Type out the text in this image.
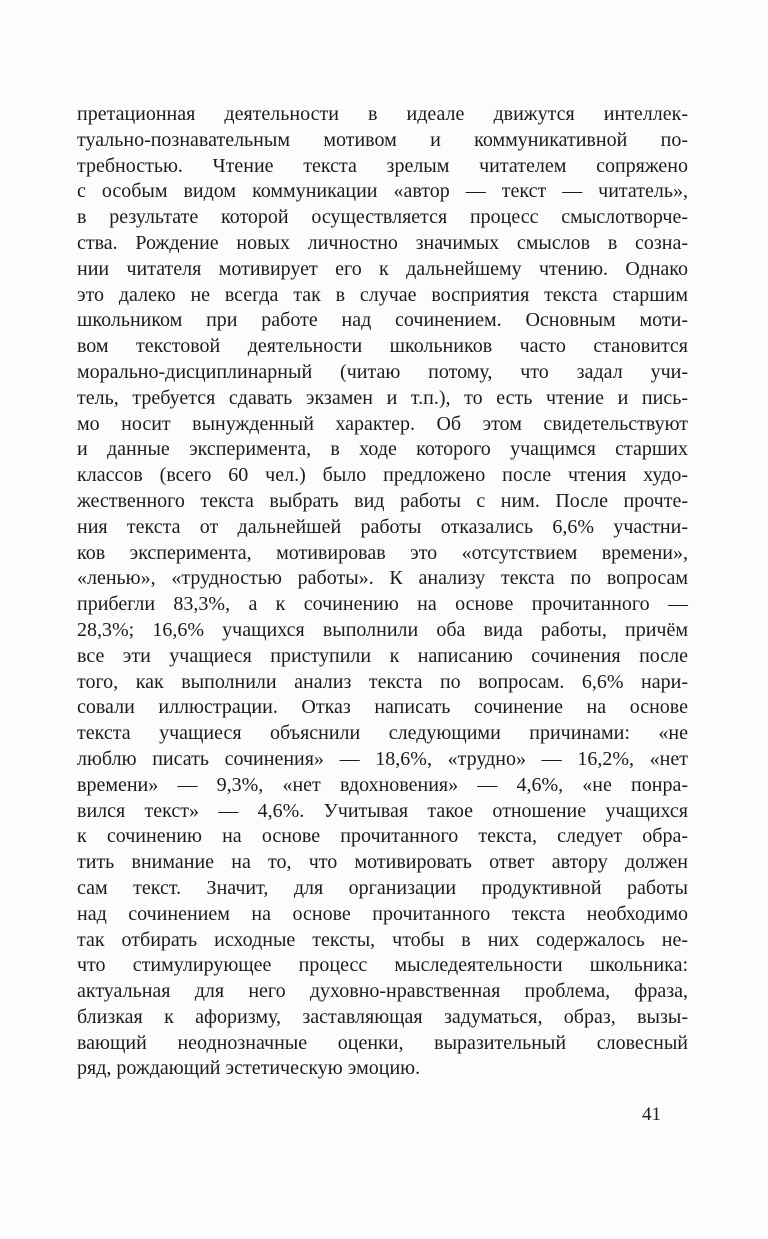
претационная деятельности в идеале движутся интеллек-
туально-познавательным мотивом и коммуникативной по-
требностью. Чтение текста зрелым читателем сопряжено
с особым видом коммуникации «автор — текст — читатель»,
в результате которой осуществляется процесс смыслотворче-
ства. Рождение новых личностно значимых смыслов в созна-
нии читателя мотивирует его к дальнейшему чтению. Однако
это далеко не всегда так в случае восприятия текста старшим
школьником при работе над сочинением. Основным моти-
вом текстовой деятельности школьников часто становится
морально-дисциплинарный (читаю потому, что задал учи-
тель, требуется сдавать экзамен и т.п.), то есть чтение и пись-
мо носит вынужденный характер. Об этом свидетельствуют
и данные эксперимента, в ходе которого учащимся старших
классов (всего 60 чел.) было предложено после чтения худо-
жественного текста выбрать вид работы с ним. После прочте-
ния текста от дальнейшей работы отказались 6,6% участни-
ков эксперимента, мотивировав это «отсутствием времени»,
«ленью», «трудностью работы». К анализу текста по вопросам
прибегли 83,3%, а к сочинению на основе прочитанного —
28,3%; 16,6% учащихся выполнили оба вида работы, причём
все эти учащиеся приступили к написанию сочинения после
того, как выполнили анализ текста по вопросам. 6,6% нари-
совали иллюстрации. Отказ написать сочинение на основе
текста учащиеся объяснили следующими причинами: «не
люблю писать сочинения» — 18,6%, «трудно» — 16,2%, «нет
времени» — 9,3%, «нет вдохновения» — 4,6%, «не понра-
вился текст» — 4,6%. Учитывая такое отношение учащихся
к сочинению на основе прочитанного текста, следует обра-
тить внимание на то, что мотивировать ответ автору должен
сам текст. Значит, для организации продуктивной работы
над сочинением на основе прочитанного текста необходимо
так отбирать исходные тексты, чтобы в них содержалось не-
что стимулирующее процесс мыследеятельности школьника:
актуальная для него духовно-нравственная проблема, фраза,
близкая к афоризму, заставляющая задуматься, образ, вызы-
вающий неоднозначные оценки, выразительный словесный
ряд, рождающий эстетическую эмоцию.
41
